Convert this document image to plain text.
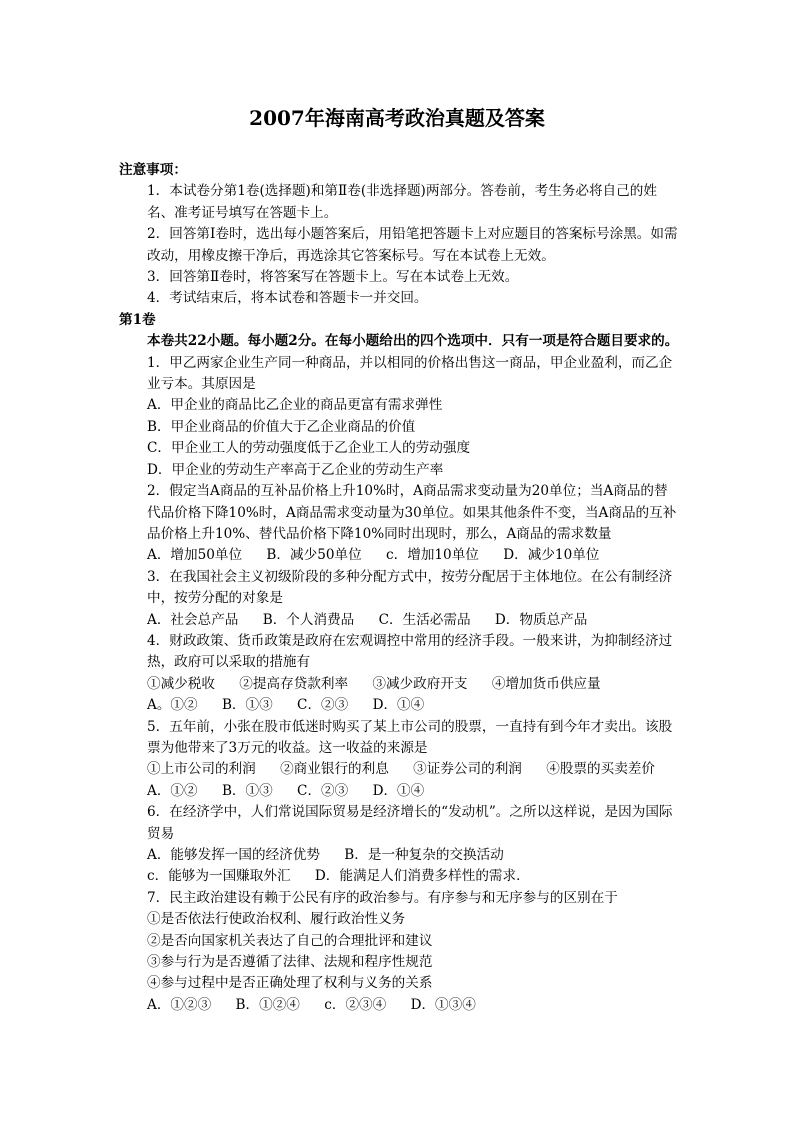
2007年海南高考政治真题及答案
注意事项：
1．本试卷分第1卷(选择题)和第Ⅱ卷(非选择题)两部分。答卷前，考生务必将自己的姓名、准考证号填写在答题卡上。
2．回答第Ⅰ卷时，选出每小题答案后，用铅笔把答题卡上对应题目的答案标号涂黑。如需改动，用橡皮擦干净后，再选涂其它答案标号。写在本试卷上无效。
3．回答第Ⅱ卷时，将答案写在答题卡上。写在本试卷上无效。
4．考试结束后，将本试卷和答题卡一并交回。
第1卷
本卷共22小题。每小题2分。在每小题给出的四个选项中．只有一项是符合题目要求的。
1．甲乙两家企业生产同一种商品，并以相同的价格出售这一商品，甲企业盈利，而乙企业亏本。其原因是
A．甲企业的商品比乙企业的商品更富有需求弹性
B．甲企业商品的价值大于乙企业商品的价值
C．甲企业工人的劳动强度低于乙企业工人的劳动强度
D．甲企业的劳动生产率高于乙企业的劳动生产率
2．假定当A商品的互补品价格上升10%时，A商品需求变动量为20单位；当A商品的替代品价格下降10%时，A商品需求变动量为30单位。如果其他条件不变，当A商品的互补品价格上升10%、替代品价格下降10%同时出现时，那么，A商品的需求数量
A．增加50单位 B．减少50单位 c．增加10单位 D．减少10单位
3．在我国社会主义初级阶段的多种分配方式中，按劳分配居于主体地位。在公有制经济中，按劳分配的对象是
A．社会总产品 B．个人消费品 C．生活必需品 D．物质总产品
4．财政政策、货币政策是政府在宏观调控中常用的经济手段。一般来讲，为抑制经济过热，政府可以采取的措施有
①减少税收 ②提高存贷款利率 ③减少政府开支 ④增加货币供应量
A。①② B．①③ C．②③ D．①④
5．五年前，小张在股市低迷时购买了某上市公司的股票，一直持有到今年才卖出。该股票为他带来了3万元的收益。这一收益的来源是
①上市公司的利润 ②商业银行的利息 ③证券公司的利润 ④股票的买卖差价
A．①② B．①③ C．②③ D．①④
6．在经济学中，人们常说国际贸易是经济增长的“发动机”。之所以这样说，是因为国际贸易
A．能够发挥一国的经济优势 B．是一种复杂的交换活动
c．能够为一国赚取外汇 D．能满足人们消费多样性的需求．
7．民主政治建设有赖于公民有序的政治参与。有序参与和无序参与的区别在于
①是否依法行使政治权利、履行政治性义务
②是否向国家机关表达了自己的合理批评和建议
③参与行为是否遵循了法律、法规和程序性规范
④参与过程中是否正确处理了权利与义务的关系
A．①②③ B．①②④ c．②③④ D．①③④
